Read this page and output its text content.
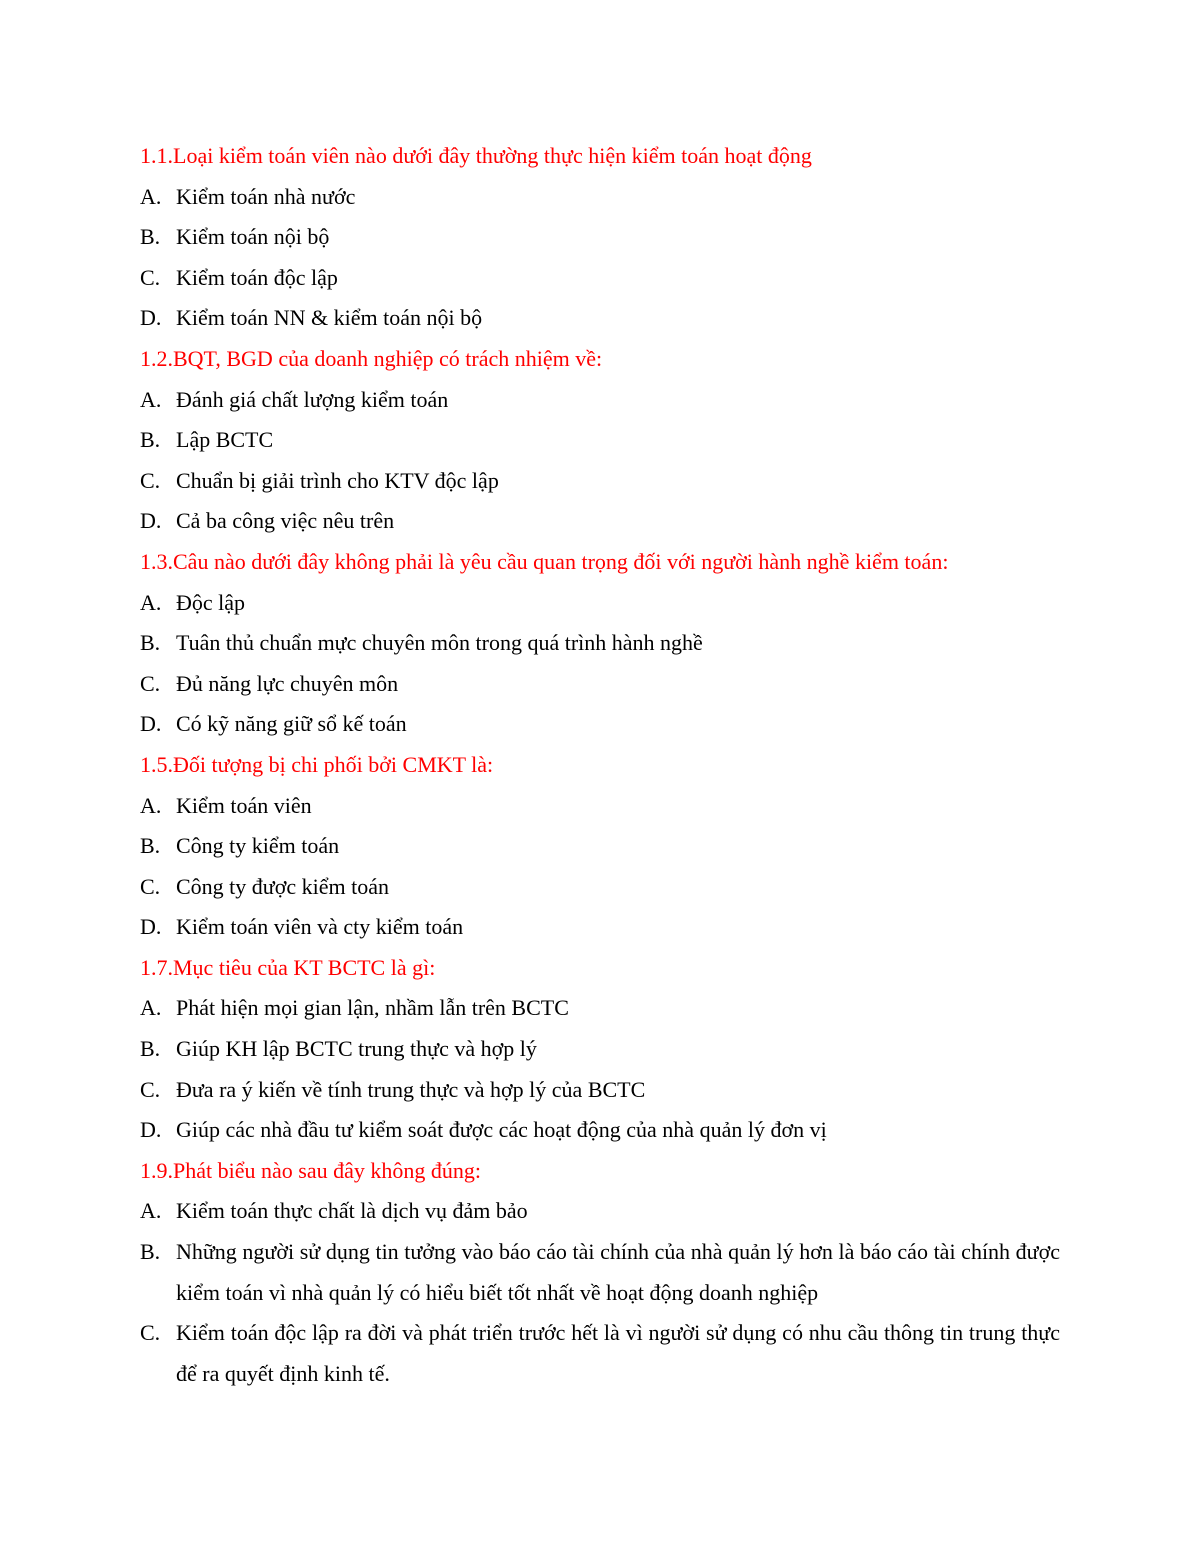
1.1.Loại kiểm toán viên nào dưới đây thường thực hiện kiểm toán hoạt động
A. Kiểm toán nhà nước
B. Kiểm toán nội bộ
C. Kiểm toán độc lập
D. Kiểm toán NN & kiểm toán nội bộ
1.2.BQT, BGD của doanh nghiệp có trách nhiệm về:
A. Đánh giá chất lượng kiểm toán
B. Lập BCTC
C. Chuẩn bị giải trình cho KTV độc lập
D. Cả ba công việc nêu trên
1.3.Câu nào dưới đây không phải là yêu cầu quan trọng đối với người hành nghề kiểm toán:
A. Độc lập
B. Tuân thủ chuẩn mực chuyên môn trong quá trình hành nghề
C. Đủ năng lực chuyên môn
D. Có kỹ năng giữ sổ kế toán
1.5.Đối tượng bị chi phối bởi CMKT là:
A. Kiểm toán viên
B. Công ty kiểm toán
C. Công ty được kiểm toán
D. Kiểm toán viên và cty kiểm toán
1.7.Mục tiêu của KT BCTC là gì:
A. Phát hiện mọi gian lận, nhầm lẫn trên BCTC
B. Giúp KH lập BCTC trung thực và hợp lý
C. Đưa ra ý kiến về tính trung thực và hợp lý của BCTC
D. Giúp các nhà đầu tư kiểm soát được các hoạt động của nhà quản lý đơn vị
1.9.Phát biểu nào sau đây không đúng:
A. Kiểm toán thực chất là dịch vụ đảm bảo
B. Những người sử dụng tin tưởng vào báo cáo tài chính của nhà quản lý hơn là báo cáo tài chính được kiểm toán vì nhà quản lý có hiểu biết tốt nhất về hoạt động doanh nghiệp
C. Kiểm toán độc lập ra đời và phát triển trước hết là vì người sử dụng có nhu cầu thông tin trung thực để ra quyết định kinh tế.
